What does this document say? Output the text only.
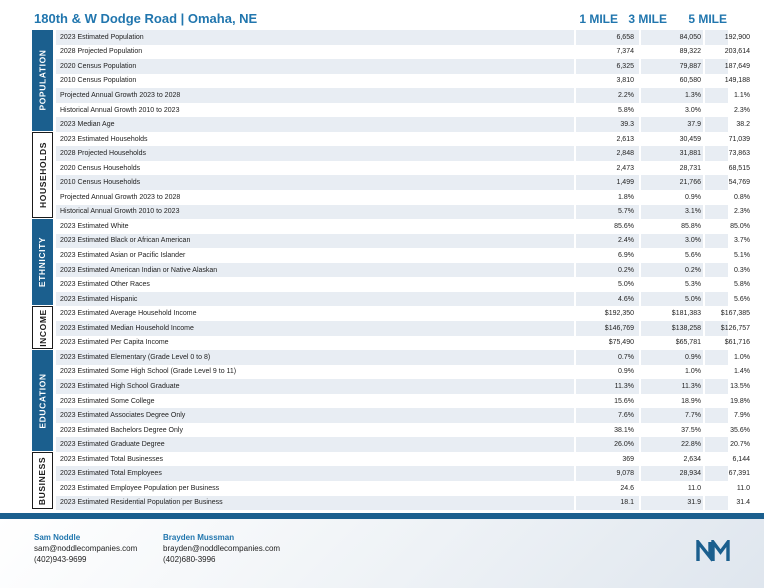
180th & W Dodge Road | Omaha, NE	1 MILE 3 MILE	5 MILE
POPULATION
2023 Estimated Population	6,658	84,050	192,900
2028 Projected Population	7,374	89,322	203,614
2020 Census Population	6,325	79,887	187,649
2010 Census Population	3,810	60,580	149,188
Projected Annual Growth 2023 to 2028	2.2%	1.3%	1.1%
Historical Annual Growth 2010 to 2023	5.8%	3.0%	2.3%
2023 Median Age	39.3	37.9	38.2
HOUSEHOLDS
2023 Estimated Households	2,613	30,459	71,039
2028 Projected Households	2,848	31,881	73,863
2020 Census Households	2,473	28,731	68,515
2010 Census Households	1,499	21,766	54,769
Projected Annual Growth 2023 to 2028	1.8%	0.9%	0.8%
Historical Annual Growth 2010 to 2023	5.7%	3.1%	2.3%
ETHNICITY
2023 Estimated White	85.6%	85.8%	85.0%
2023 Estimated Black or African American	2.4%	3.0%	3.7%
2023 Estimated Asian or Pacific Islander	6.9%	5.6%	5.1%
2023 Estimated American Indian or Native Alaskan	0.2%	0.2%	0.3%
2023 Estimated Other Races	5.0%	5.3%	5.8%
2023 Estimated Hispanic	4.6%	5.0%	5.6%
INCOME 2023 Estimated Average Household Income	$192,350	$181,383	$167,385
2023 Estimated Median Household Income	$146,769	$138,258	$126,757
2023 Estimated Per Capita Income	$75,490	$65,781	$61,716
EDUCATION
2023 Estimated Elementary (Grade Level 0 to 8)	0.7%	0.9%	1.0%
2023 Estimated Some High School (Grade Level 9 to 11)	0.9%	1.0%	1.4%
2023 Estimated High School Graduate	11.3%	11.3%	13.5%
2023 Estimated Some College	15.6%	18.9%	19.8%
2023 Estimated Associates Degree Only	7.6%	7.7%	7.9%
2023 Estimated Bachelors Degree Only	38.1%	37.5%	35.6%
2023 Estimated Graduate Degree	26.0%	22.8%	20.7%
BUSINESS 2023 Estimated Total Businesses	369	2,634	6,144
2023 Estimated Total Employees	9,078	28,934	67,391
2023 Estimated Employee Population per Business	24.6	11.0	11.0
2023 Estimated Residential Population per Business	18.1	31.9	31.4
Sam Noddle
sam@noddlecompanies.com
(402)943-9699
Brayden Mussman
brayden@noddlecompanies.com
(402)680-3996
